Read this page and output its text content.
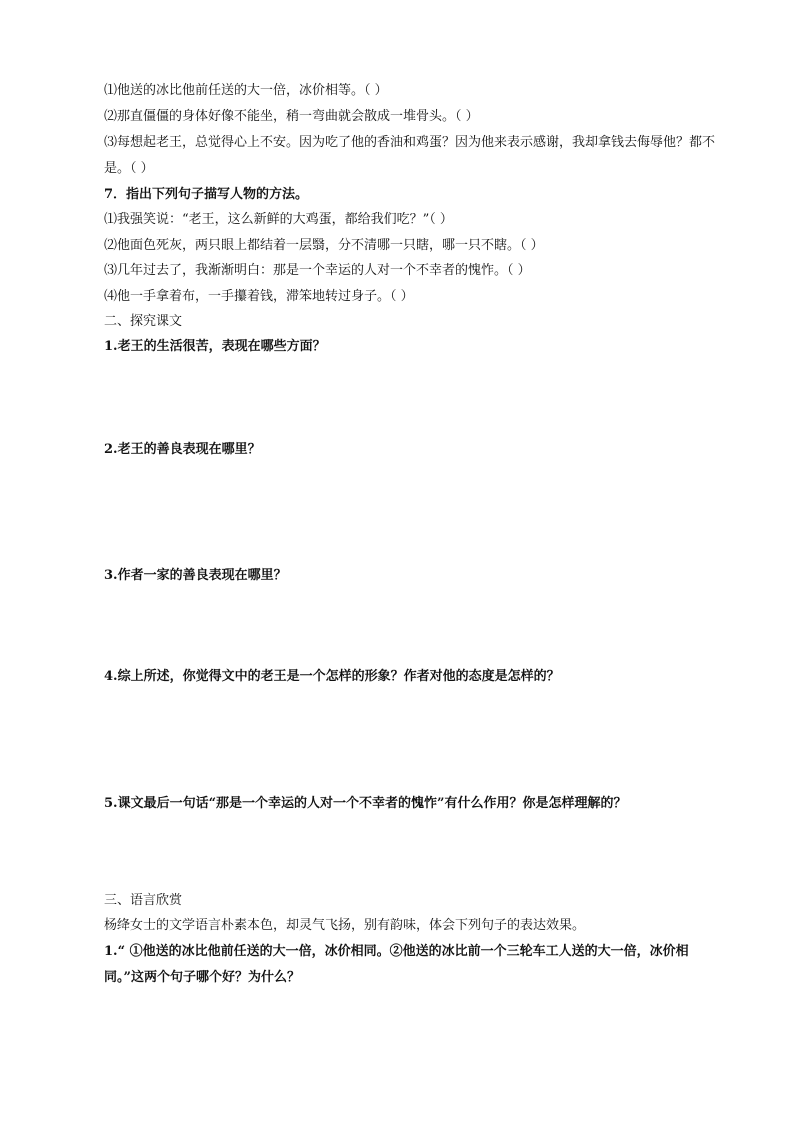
⑴他送的冰比他前任送的大一倍，冰价相等。（ ）
⑵那直僵僵的身体好像不能坐，稍一弯曲就会散成一堆骨头。（ ）
⑶每想起老王，总觉得心上不安。因为吃了他的香油和鸡蛋？因为他来表示感谢，我却拿钱去侮辱他？都不是。（ ）
7．指出下列句子描写人物的方法。
⑴我强笑说：“老王，这么新鲜的大鸡蛋，都给我们吃？”（ ）
⑵他面色死灰，两只眼上都结着一层翳，分不清哪一只瞎，哪一只不瞎。（ ）
⑶几年过去了，我渐渐明白：那是一个幸运的人对一个不幸者的愧怍。（ ）
⑷他一手拿着布，一手攥着钱，滞笨地转过身子。（ ）
二、探究课文
1.老王的生活很苦，表现在哪些方面？
2.老王的善良表现在哪里？
3.作者一家的善良表现在哪里？
4.综上所述，你觉得文中的老王是一个怎样的形象？作者对他的态度是怎样的？
5.课文最后一句话“那是一个幸运的人对一个不幸者的愧怍”有什么作用？你是怎样理解的？
三、语言欣赏
杨绛女士的文学语言朴素本色，却灵气飞扬，别有韵味，体会下列句子的表达效果。
1.“ ①他送的冰比他前任送的大一倍，冰价相同。②他送的冰比前一个三轮车工人送的大一倍，冰价相同。”这两个句子哪个好？为什么？
